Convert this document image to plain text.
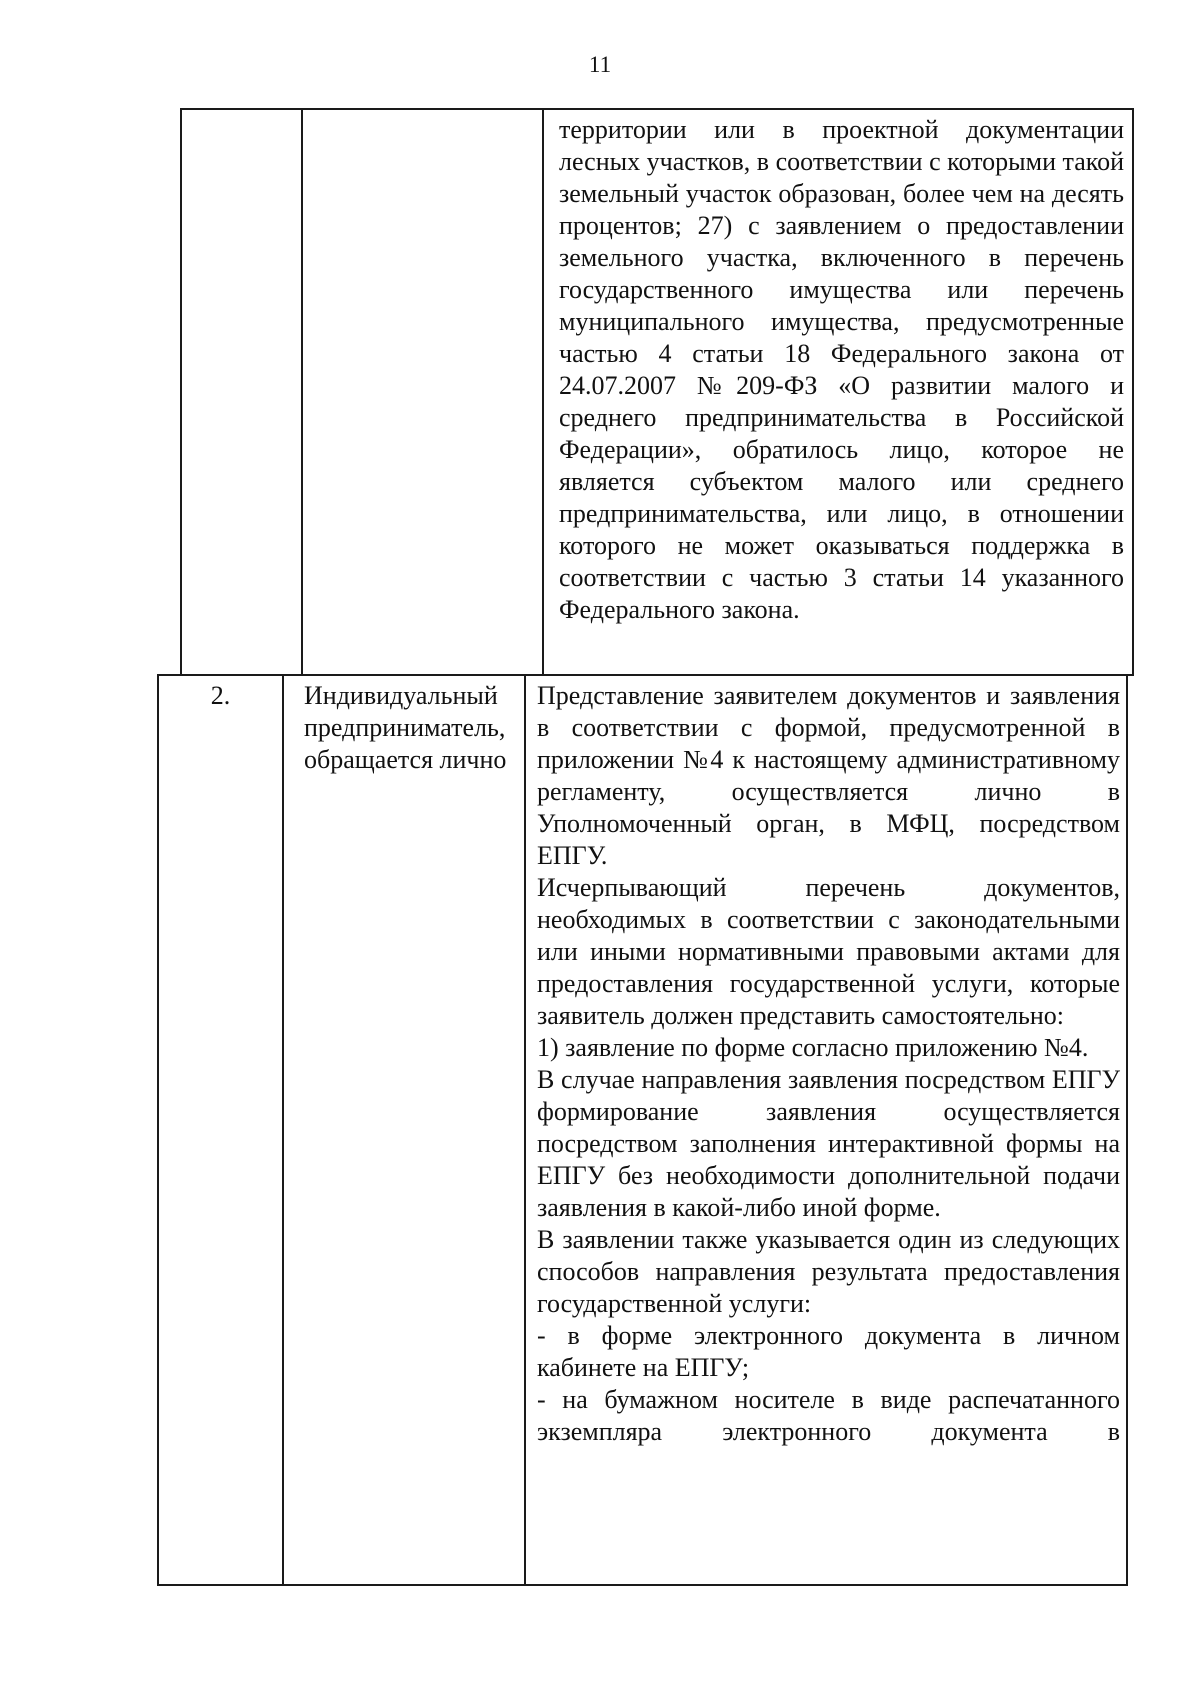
11

территории или в проектной документации лесных участков, в соответствии с которыми такой земельный участок образован, более чем на десять процентов; 27) с заявлением о предоставлении земельного участка, включенного в перечень государственного имущества или перечень муниципального имущества, предусмотренные частью 4 статьи 18 Федерального закона от 24.07.2007 №209-ФЗ «О развитии малого и среднего предпринимательства в Российской Федерации», обратилось лицо, которое не является субъектом малого или среднего предпринимательства, или лицо, в отношении которого не может оказываться поддержка в соответствии с частью 3 статьи 14 указанного Федерального закона.
2.	Индивидуальный предприниматель, обращается лично

Представление заявителем документов и заявления в соответствии с формой, предусмотренной в приложении №4 к настоящему административному регламенту, осуществляется лично в Уполномоченный орган, в МФЦ, посредством ЕПГУ.

Исчерпывающий перечень документов, необходимых в соответствии с законодательными или иными нормативными правовыми актами для предоставления государственной услуги, которые заявитель должен представить самостоятельно:

1) заявление по форме согласно приложению №4.

В случае направления заявления посредством ЕПГУ формирование заявления осуществляется посредством заполнения интерактивной формы на ЕПГУ без необходимости дополнительной подачи заявления в какой-либо иной форме.

В заявлении также указывается один из следующих способов направления результата предоставления государственной услуги:

- в форме электронного документа в личном кабинете на ЕПГУ;

- на бумажном носителе в виде распечатанного экземпляра электронного документа в
